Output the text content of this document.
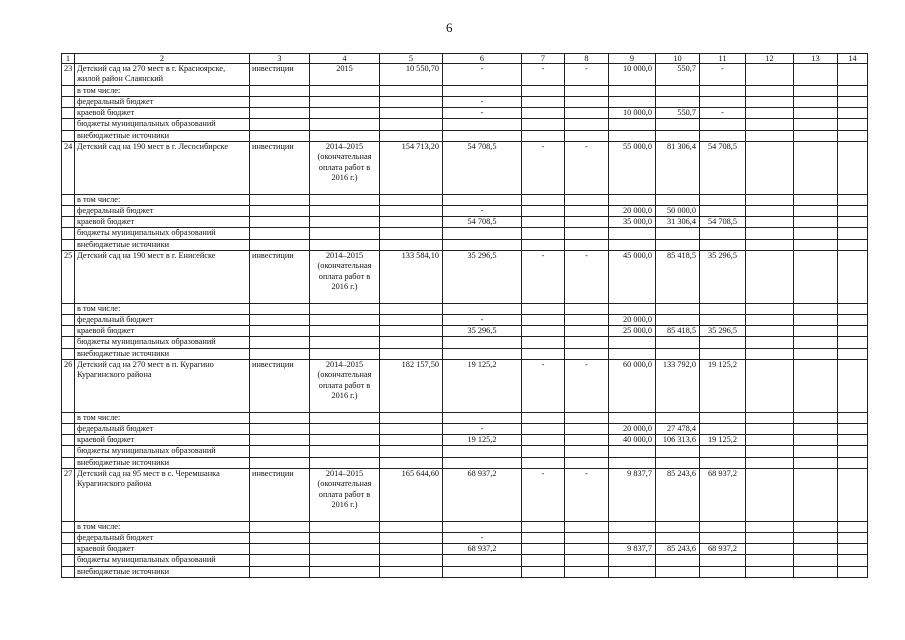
6
1	2	3	4	5	6	7	8	9	10	11	12	13	14
23	Детский сад на 270 мест в г. Красноярске, жилой район Слаянский	инвестиции	2015	10 550,70	-	-	-	10 000,0	550,7	-			
	в том числе:												
	федеральный бюджет				-								
	краевой бюджет				-			10 000,0	550,7	-			
	бюджеты муниципальных образований												
	внебюджетные источники												
24	Детский сад на 190 мест в г. Лесосибирске	инвестиции	2014–2015 (окончательная оплата работ в 2016 г.)	154 713,20	54 708,5	-	-	55 000,0	81 306,4	54 708,5			
	в том числе:												
	федеральный бюджет				-			20 000,0	50 000,0				
	краевой бюджет				54 708,5			35 000,0	31 306,4	54 708,5			
	бюджеты муниципальных образований												
	внебюджетные источники												
25	Детский сад на 190 мест в г. Енисейске	инвестиции	2014–2015 (окончательная оплата работ в 2016 г.)	133 584,10	35 296,5	-	-	45 000,0	85 418,5	35 296,5			
	в том числе:												
	федеральный бюджет				-			20 000,0					
	краевой бюджет				35 296,5			25 000,0	85 418,5	35 296,5			
	бюджеты муниципальных образований												
	внебюджетные источники												
26	Детский сад на 270 мест в п. Курагино Курагинского района	инвестиции	2014–2015 (окончательная оплата работ в 2016 г.)	182 157,50	19 125,2	-	-	60 000,0	133 792,0	19 125,2			
	в том числе:												
	федеральный бюджет				-			20 000,0	27 478,4				
	краевой бюджет				19 125,2			40 000,0	106 313,6	19 125,2			
	бюджеты муниципальных образований												
	внебюджетные источники												
27	Детский сад на 95 мест в с. Черемшанка Курагинского района	инвестиции	2014–2015 (окончательная оплата работ в 2016 г.)	165 644,60	68 937,2	-	-	9 837,7	85 243,6	68 937,2			
	в том числе:												
	федеральный бюджет				-								
	краевой бюджет				68 937,2			9 837,7	85 243,6	68 937,2			
	бюджеты муниципальных образований												
	внебюджетные источники												
